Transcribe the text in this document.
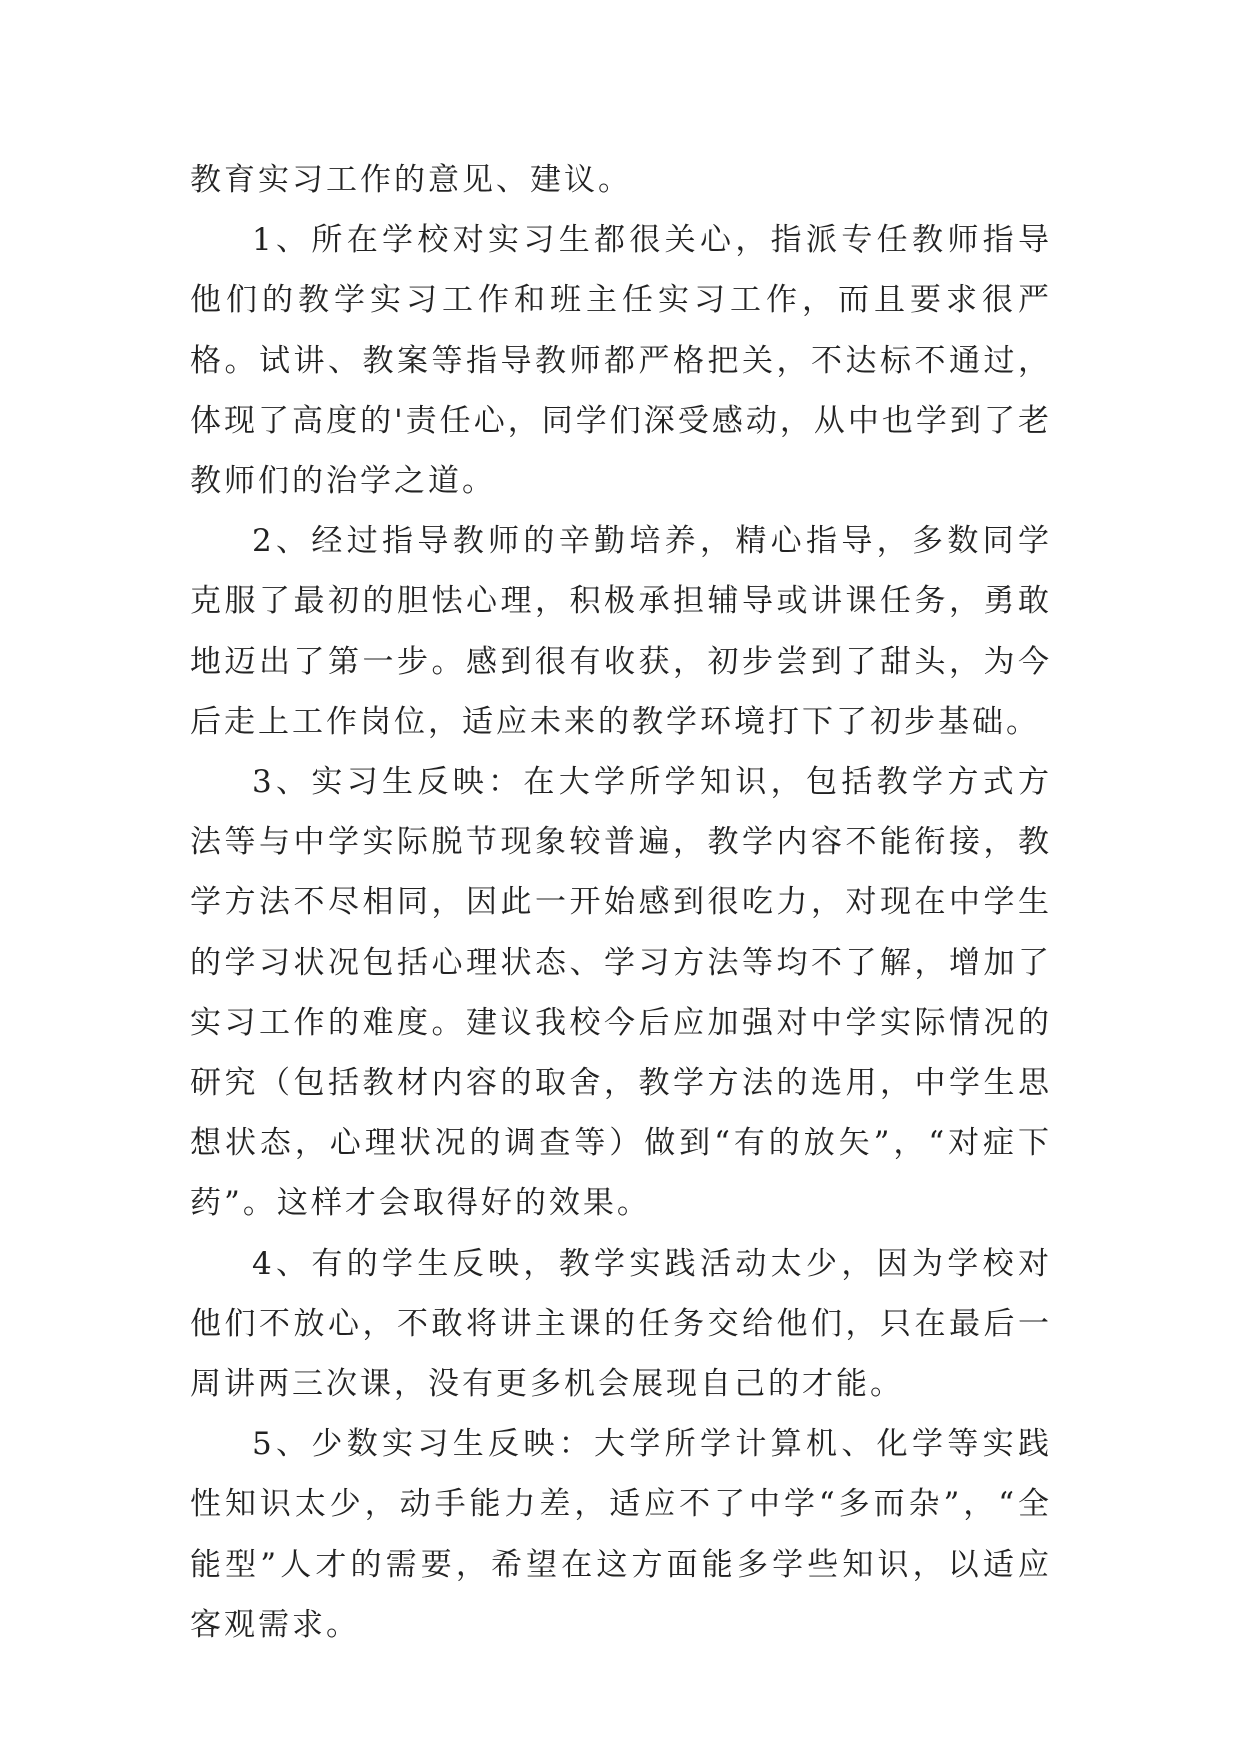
教育实习工作的意见、建议。

1、所在学校对实习生都很关心，指派专任教师指导他们的教学实习工作和班主任实习工作，而且要求很严格。试讲、教案等指导教师都严格把关，不达标不通过，体现了高度的'责任心，同学们深受感动，从中也学到了老教师们的治学之道。

2、经过指导教师的辛勤培养，精心指导，多数同学克服了最初的胆怯心理，积极承担辅导或讲课任务，勇敢地迈出了第一步。感到很有收获，初步尝到了甜头，为今后走上工作岗位，适应未来的教学环境打下了初步基础。

3、实习生反映：在大学所学知识，包括教学方式方法等与中学实际脱节现象较普遍，教学内容不能衔接，教学方法不尽相同，因此一开始感到很吃力，对现在中学生的学习状况包括心理状态、学习方法等均不了解，增加了实习工作的难度。建议我校今后应加强对中学实际情况的研究（包括教材内容的取舍，教学方法的选用，中学生思想状态，心理状况的调查等）做到“有的放矢”，“对症下药”。这样才会取得好的效果。

4、有的学生反映，教学实践活动太少，因为学校对他们不放心，不敢将讲主课的任务交给他们，只在最后一周讲两三次课，没有更多机会展现自己的才能。

5、少数实习生反映：大学所学计算机、化学等实践性知识太少，动手能力差，适应不了中学“多而杂”，“全能型”人才的需要，希望在这方面能多学些知识，以适应客观需求。
